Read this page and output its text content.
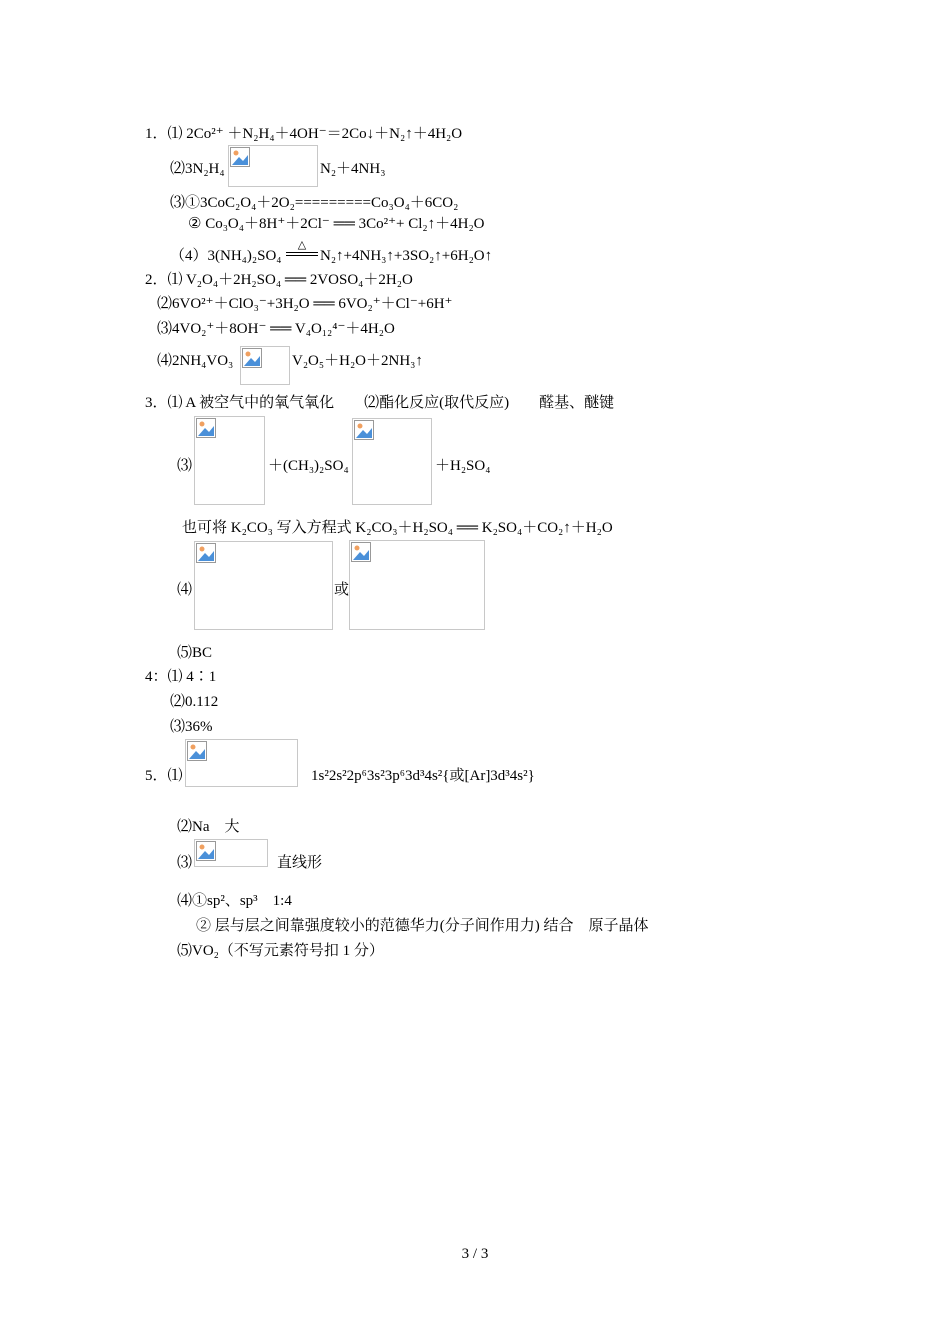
1．⑴ 2Co²⁺ ＋N₂H₄＋4OH⁻＝2Co↓＋N₂↑＋4H₂O
⑵3N₂H₄	N₂＋4NH₃
⑶①3CoC₂O₄＋2O₂=========Co₃O₄＋6CO₂
② Co₃O₄＋8H⁺＋2Cl⁻ ══ 3Co²⁺+ Cl₂↑＋4H₂O
（4）3(NH₄)₂SO₄
△
N₂↑+4NH₃↑+3SO₂↑+6H₂O↑
2．⑴ V₂O₄＋2H₂SO₄ ══ 2VOSO₄＋2H₂O
⑵6VO²⁺＋ClO₃⁻+3H₂O ══ 6VO₂⁺＋Cl⁻+6H⁺
⑶4VO₂⁺＋8OH⁻ ══ V₄O₁₂⁴⁻＋4H₂O
⑷2NH₄VO₃	V₂O₅＋H₂O＋2NH₃↑
3．⑴ A 被空气中的氧气氧化　　⑵酯化反应(取代反应)　　醛基、醚键
⑶	＋(CH₃)₂SO₄	＋H₂SO₄
也可将 K₂CO₃ 写入方程式 K₂CO₃＋H₂SO₄ ══ K₂SO₄＋CO₂↑＋H₂O
⑷	或
⑸BC
4：⑴ 4∶1
⑵0.112
⑶36%
5．⑴	1s²2s²2p⁶3s²3p⁶3d³4s²{或[Ar]3d³4s²}
⑵Na　大
⑶	直线形
⑷①sp²、sp³　1:4
② 层与层之间靠强度较小的范德华力(分子间作用力) 结合　原子晶体
⑸VO₂（不写元素符号扣 1 分）
3 / 3
